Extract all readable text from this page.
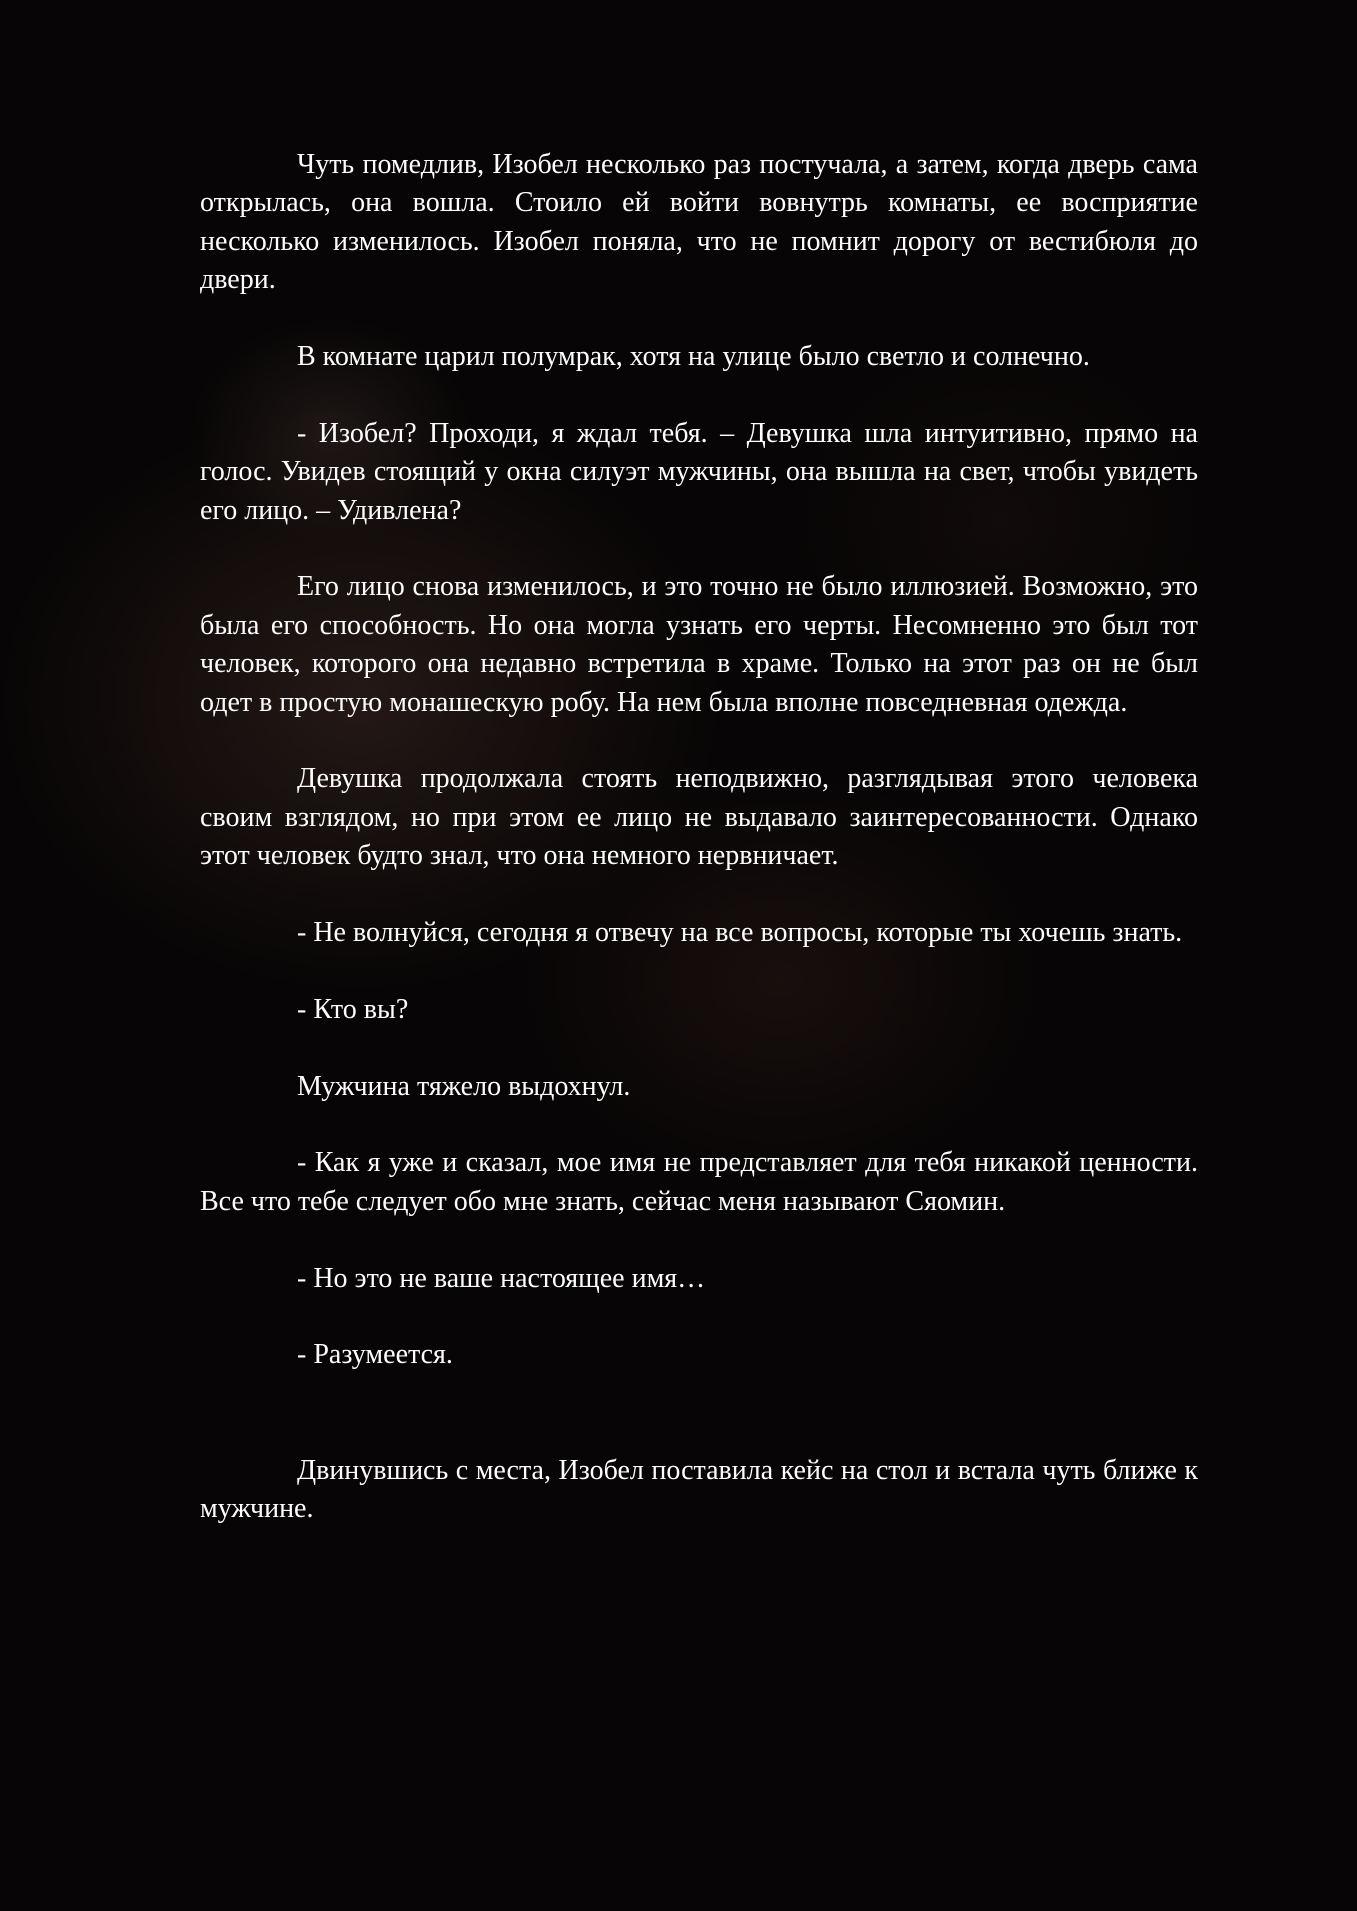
Чуть помедлив, Изобел несколько раз постучала, а затем, когда дверь сама открылась, она вошла. Стоило ей войти вовнутрь комнаты, ее восприятие несколько изменилось. Изобел поняла, что не помнит дорогу от вестибюля до двери.

В комнате царил полумрак, хотя на улице было светло и солнечно.

- Изобел? Проходи, я ждал тебя. – Девушка шла интуитивно, прямо на голос. Увидев стоящий у окна силуэт мужчины, она вышла на свет, чтобы увидеть его лицо. – Удивлена?

Его лицо снова изменилось, и это точно не было иллюзией. Возможно, это была его способность. Но она могла узнать его черты. Несомненно это был тот человек, которого она недавно встретила в храме. Только на этот раз он не был одет в простую монашескую робу. На нем была вполне повседневная одежда.

Девушка продолжала стоять неподвижно, разглядывая этого человека своим взглядом, но при этом ее лицо не выдавало заинтересованности. Однако этот человек будто знал, что она немного нервничает.

- Не волнуйся, сегодня я отвечу на все вопросы, которые ты хочешь знать.

- Кто вы?

Мужчина тяжело выдохнул.

- Как я уже и сказал, мое имя не представляет для тебя никакой ценности. Все что тебе следует обо мне знать, сейчас меня называют Сяомин.

- Но это не ваше настоящее имя…

- Разумеется.

Двинувшись с места, Изобел поставила кейс на стол и встала чуть ближе к мужчине.
